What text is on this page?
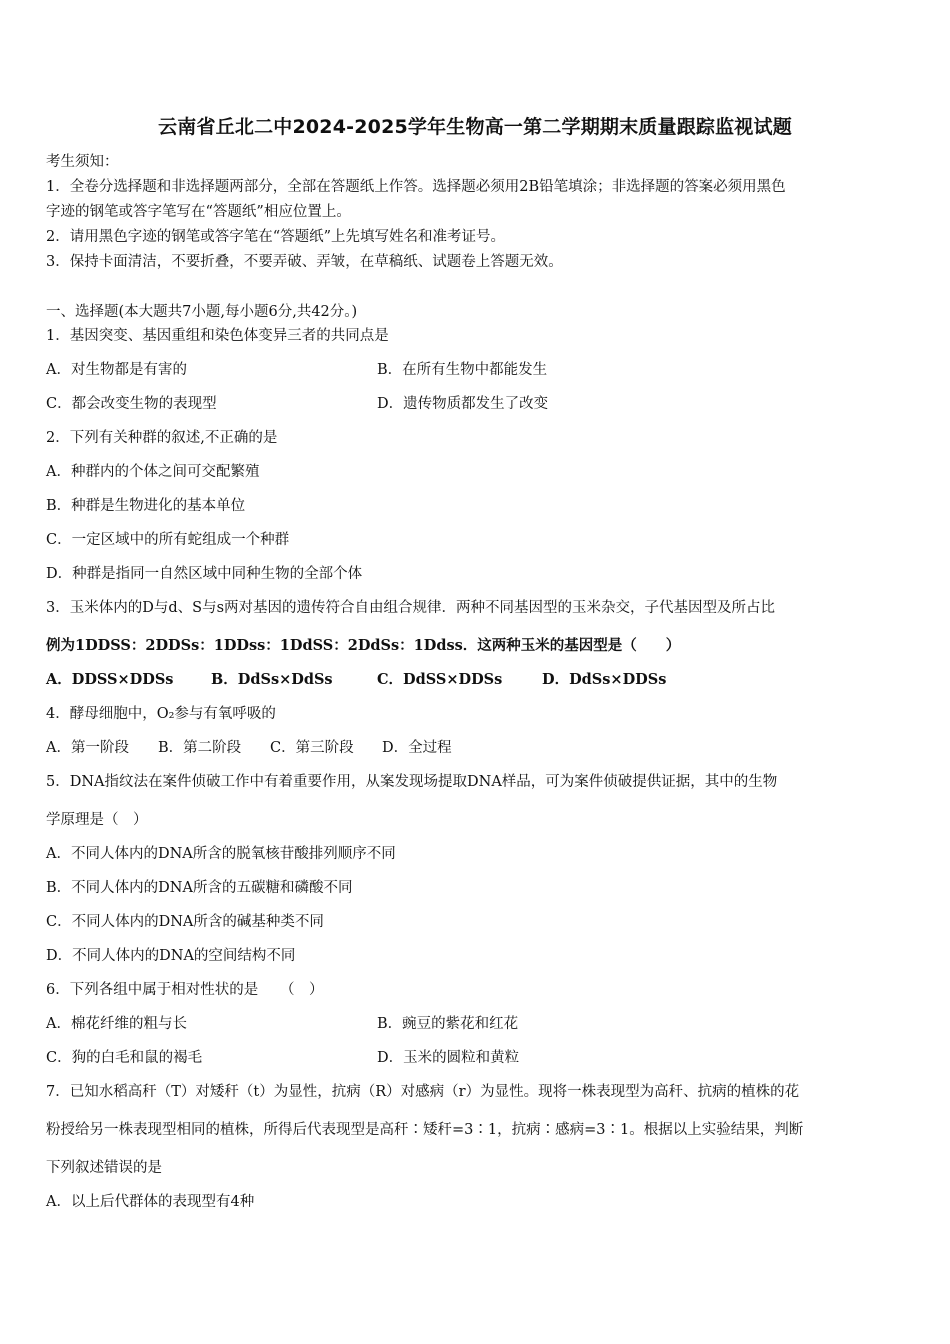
云南省丘北二中2024-2025学年生物高一第二学期期末质量跟踪监视试题
考生须知：
1．全卷分选择题和非选择题两部分，全部在答题纸上作答。选择题必须用2B铅笔填涂；非选择题的答案必须用黑色
字迹的钢笔或答字笔写在“答题纸”相应位置上。
2．请用黑色字迹的钢笔或答字笔在“答题纸”上先填写姓名和准考证号。
3．保持卡面清洁，不要折叠，不要弄破、弄皱，在草稿纸、试题卷上答题无效。
一、选择题(本大题共7小题,每小题6分,共42分。)
1．基因突变、基因重组和染色体变异三者的共同点是
A．对生物都是有害的	B．在所有生物中都能发生
C．都会改变生物的表现型	D．遗传物质都发生了改变
2．下列有关种群的叙述,不正确的是
A．种群内的个体之间可交配繁殖
B．种群是生物进化的基本单位
C．一定区域中的所有蛇组成一个种群
D．种群是指同一自然区域中同种生物的全部个体
3．玉米体内的D与d、S与s两对基因的遗传符合自由组合规律．两种不同基因型的玉米杂交，子代基因型及所占比
例为1DDSS：2DDSs：1DDss：1DdSS：2DdSs：1Ddss．这两种玉米的基因型是（　　）
A．DDSS×DDSs	B．DdSs×DdSs	C．DdSS×DDSs	D．DdSs×DDSs
4．酵母细胞中，O₂参与有氧呼吸的
A．第一阶段 B．第二阶段 C．第三阶段 D．全过程
5．DNA指纹法在案件侦破工作中有着重要作用，从案发现场提取DNA样品，可为案件侦破提供证据，其中的生物
学原理是（　）
A．不同人体内的DNA所含的脱氧核苷酸排列顺序不同
B．不同人体内的DNA所含的五碳糖和磷酸不同
C．不同人体内的DNA所含的碱基种类不同
D．不同人体内的DNA的空间结构不同
6．下列各组中属于相对性状的是　　（　）
A．棉花纤维的粗与长	B．豌豆的紫花和红花
C．狗的白毛和鼠的褐毛	D．玉米的圆粒和黄粒
7．已知水稻高秆（T）对矮秆（t）为显性，抗病（R）对感病（r）为显性。现将一株表现型为高秆、抗病的植株的花
粉授给另一株表现型相同的植株，所得后代表现型是高秆∶矮秆=3∶1，抗病∶感病=3∶1。根据以上实验结果，判断
下列叙述错误的是
A．以上后代群体的表现型有4种
